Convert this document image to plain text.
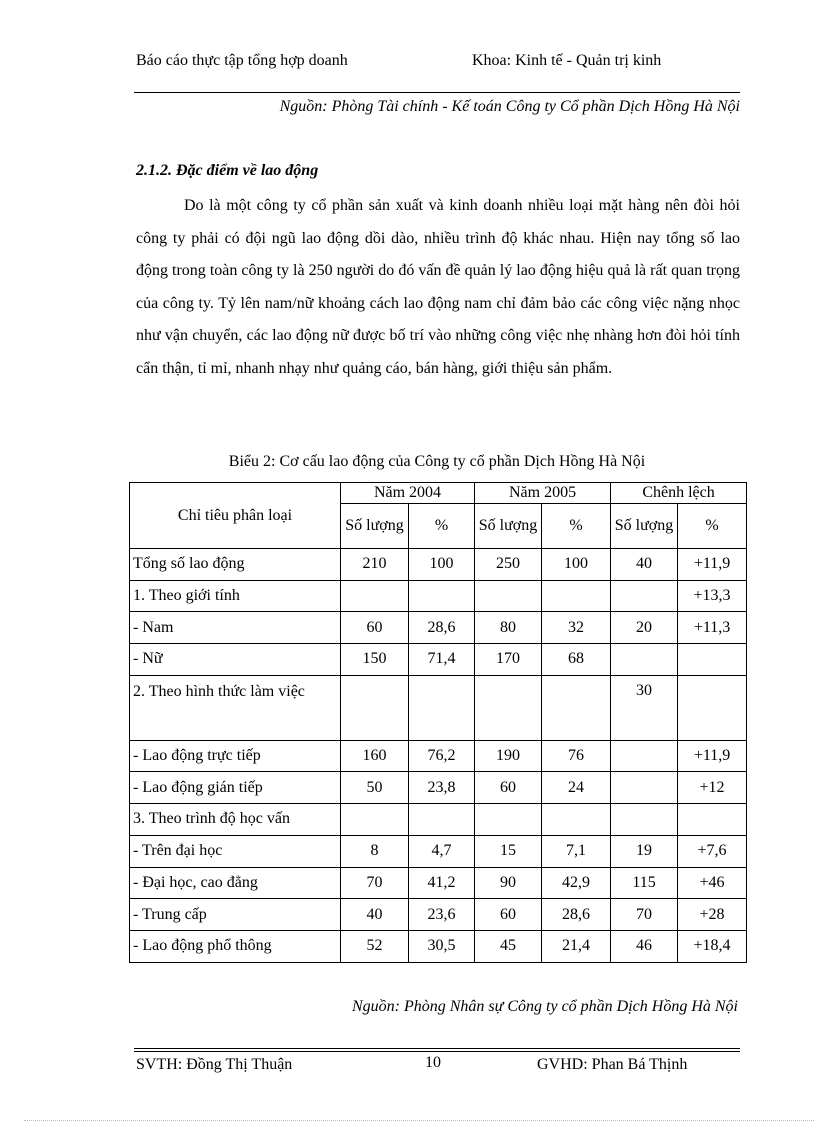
Báo cáo thực tập tổng hợp doanh	Khoa: Kinh tế - Quản trị kinh
Nguồn: Phòng Tài chính - Kế toán Công ty Cổ phần Dịch Hồng Hà Nội
2.1.2. Đặc điểm về lao động

Do là một công ty cổ phần sản xuất và kinh doanh nhiều loại mặt hàng nên đòi hỏi công ty phải có đội ngũ lao động dồi dào, nhiều trình độ khác nhau. Hiện nay tổng số lao động trong toàn công ty là 250 người do đó vấn đề quản lý lao động hiệu quả là rất quan trọng của công ty. Tỷ lên nam/nữ khoảng cách lao động nam chỉ đảm bảo các công việc nặng nhọc như vận chuyển, các lao động nữ được bố trí vào những công việc nhẹ nhàng hơn đòi hỏi tính cẩn thận, tỉ mỉ, nhanh nhạy như quảng cáo, bán hàng, giới thiệu sản phẩm.

Biểu 2: Cơ cấu lao động của Công ty cổ phần Dịch Hồng Hà Nội
Chỉ tiêu phân loại	Năm 2004		Năm 2005		Chênh lệch	
	Số lượng	%	Số lượng	%	Số lượng	%
Tổng số lao động	210	100	250	100	40	+11,9
1. Theo giới tính						+13,3
- Nam	60	28,6	80	32	20	+11,3
- Nữ	150	71,4	170	68		
2. Theo hình thức làm việc					30	
- Lao động trực tiếp	160	76,2	190	76		+11,9
- Lao động gián tiếp	50	23,8	60	24		+12
3. Theo trình độ học vấn						
- Trên đại học	8	4,7	15	7,1	19	+7,6
- Đại học, cao đẳng	70	41,2	90	42,9	115	+46
- Trung cấp	40	23,6	60	28,6	70	+28
- Lao động phổ thông	52	30,5	45	21,4	46	+18,4
Nguồn: Phòng Nhân sự Công ty cổ phần Dịch Hồng Hà Nội
SVTH: Đồng Thị Thuận	10	GVHD: Phan Bá Thịnh
